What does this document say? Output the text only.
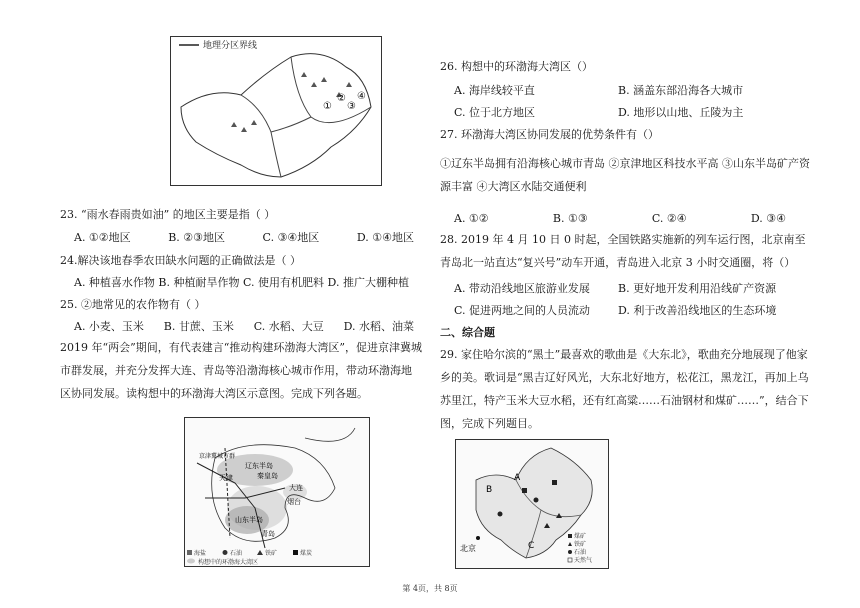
地理分区界线
①
②
③
④
23. “雨水春雨贵如油” 的地区主要是指（ ）
A. ①②地区	B. ②③地区	C. ③④地区	D. ①④地区
24.解决该地春季农田缺水问题的正确做法是（ ）
A. 种植喜水作物 B. 种植耐旱作物 C. 使用有机肥料 D. 推广大棚种植
25. ②地常见的农作物有（ ）
A. 小麦、玉米 B. 甘蔗、玉米 C. 水稻、大豆 D. 水稻、油菜
2019 年“两会”期间，有代表建言“推动构建环渤海大湾区”，促进京津冀城市群发展，并充分发挥大连、青岛等沿渤海核心城市作用，带动环渤海地区协同发展。读构想中的环渤海大湾区示意图。完成下列各题。
辽东半岛
大连
秦皇岛
天津
烟台
山东半岛
青岛
京津冀城市群
海盐	石油	铁矿	煤炭
构想中的环渤海大湾区
26. 构想中的环渤海大湾区（）
A. 海岸线较平直	B. 涵盖东部沿海各大城市
C. 位于北方地区	D. 地形以山地、丘陵为主
27. 环渤海大湾区协同发展的优势条件有（）
①辽东半岛拥有沿海核心城市青岛 ②京津地区科技水平高 ③山东半岛矿产资源丰富 ④大湾区水陆交通便利
A. ①②	B. ①③	C. ②④	D. ③④
28. 2019 年 4 月 10 日 0 时起，全国铁路实施新的列车运行图，北京南至青岛北一站直达“复兴号”动车开通，青岛进入北京 3 小时交通圈，将（）
A. 带动沿线地区旅游业发展	B. 更好地开发利用沿线矿产资源
C. 促进两地之间的人员流动	D. 利于改善沿线地区的生态环境
二、综合题
29. 家住哈尔滨的“黑土”最喜欢的歌曲是《大东北》，歌曲充分地展现了他家乡的美。歌词是“黑吉辽好风光，大东北好地方，松花江，黑龙江，再加上乌苏里江，特产玉米大豆水稻，还有红高粱……石油钢材和煤矿……”，结合下图，完成下列题目。
A
B
C
北京
煤矿
铁矿
石油
天然气
第 4页，共 8页
